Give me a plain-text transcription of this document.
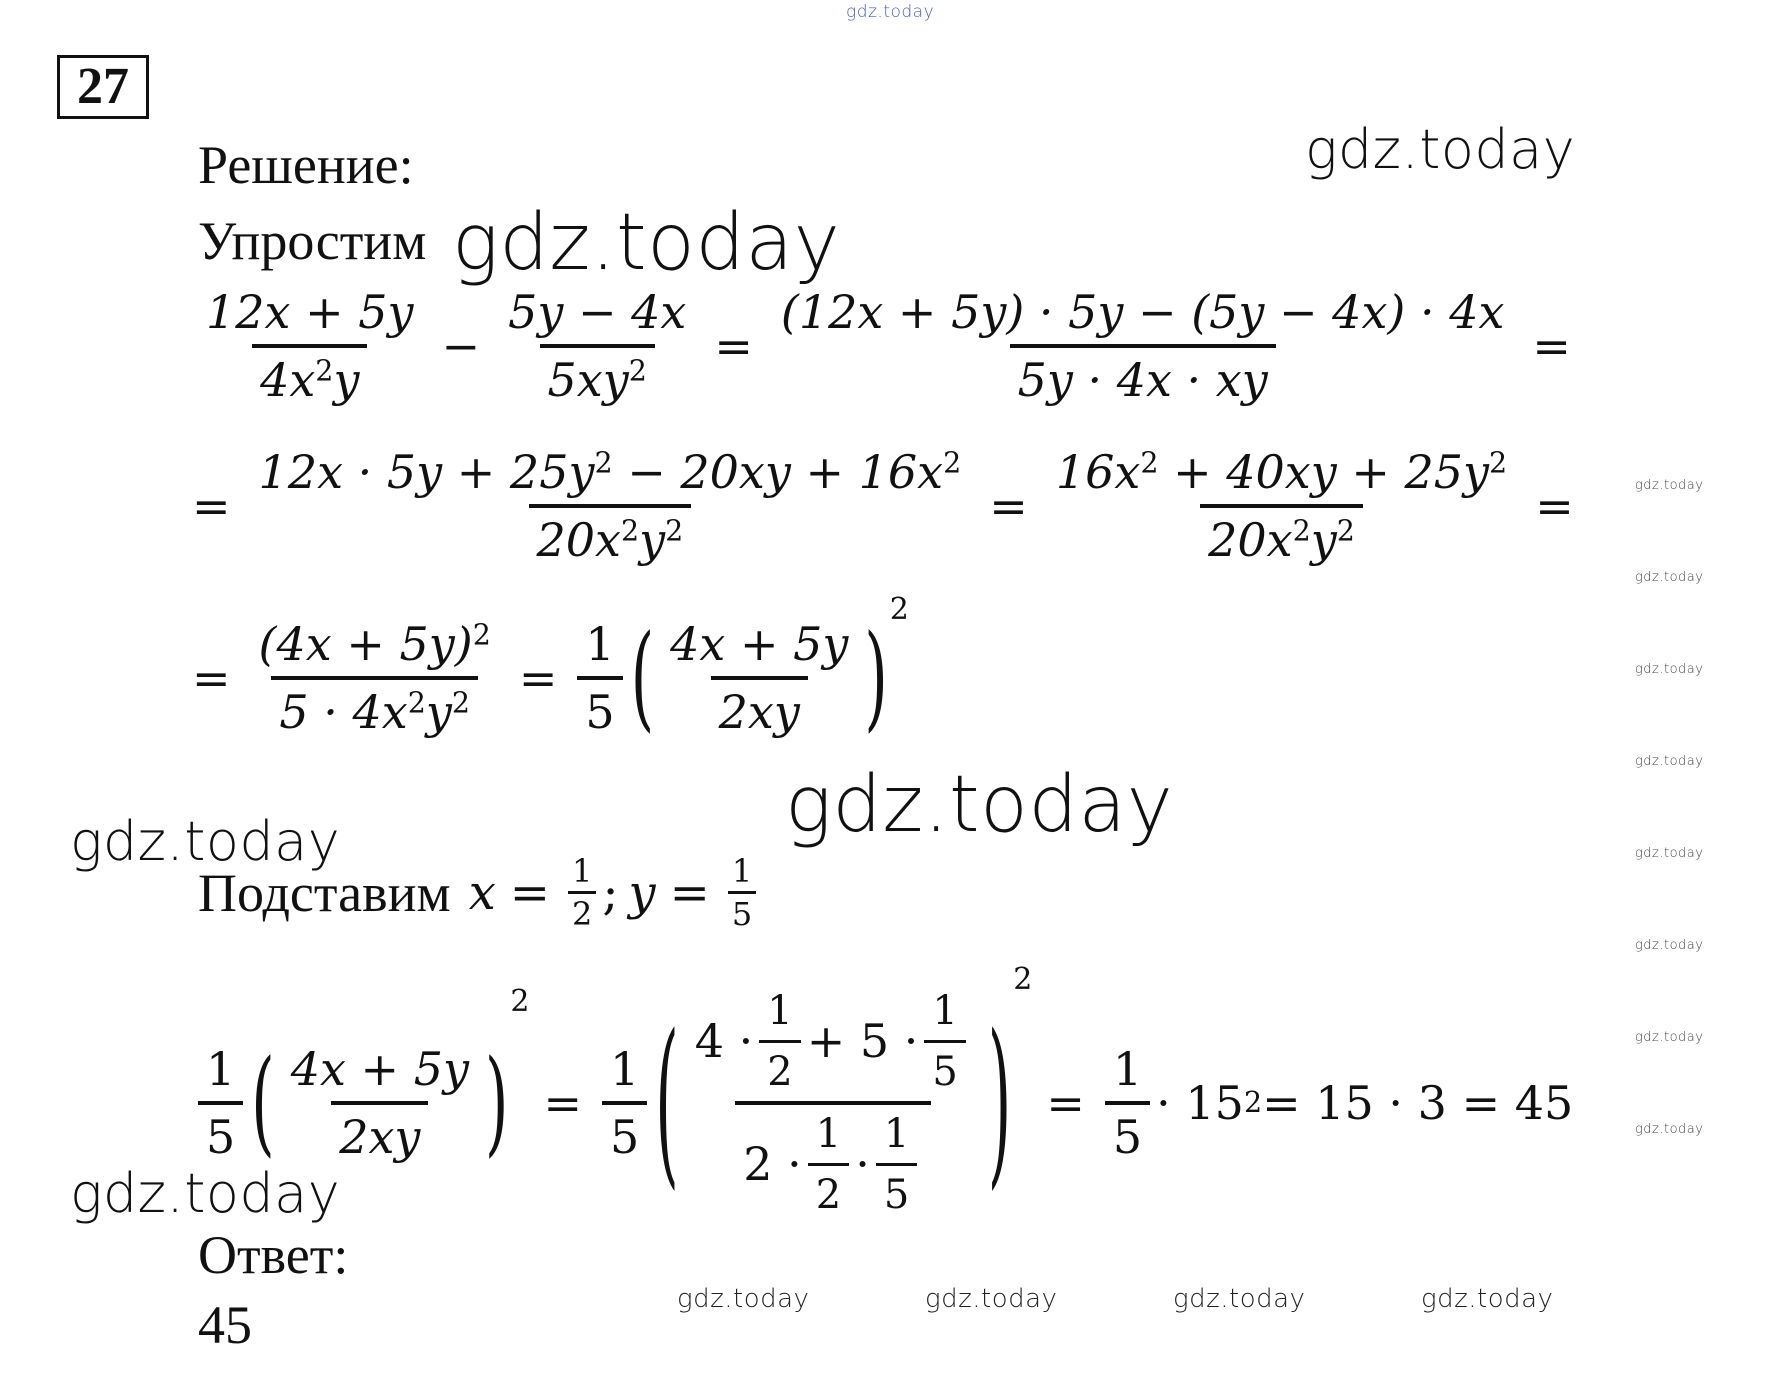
gdz.today
gdz.today
gdz.today
gdz.today
gdz.today
gdz.today
gdz.today	gdz.today	gdz.today	gdz.today
gdz.today
gdz.today
gdz.today
gdz.today
gdz.today
gdz.today
gdz.today
gdz.today
27
Решение:
Упростим
$\frac{12x + 5y}{4x^2y} - \frac{5y - 4x}{5xy^2} = \frac{(12x + 5y) \cdot 5y - (5y - 4x) \cdot 4x}{5y \cdot 4x \cdot xy}$ =
= $\frac{12x \cdot 5y + 25y^2 - 20xy + 16x^2}{20x^2y^2} = \frac{16x^2 + 40xy + 25y^2}{20x^2y^2}$ =
= $\frac{(4x + 5y)^2}{5 \cdot 4x^2y^2} = \frac{1}{5}$ ( $\frac{4x + 5y}{2xy}$ )
2
Подставим $x = \frac{1}{2}$ ; $y = \frac{1}{5}$
$\frac{1}{5}$ ( $\frac{4x + 5y}{2xy}$ )
2
= $\frac{1}{5}$ ( $\frac{4 \cdot \frac{1}{2} + 5 \cdot \frac{1}{5}}{2 \cdot \frac{1}{2} \cdot \frac{1}{5}}$ )
2
= $\frac{1}{5} \cdot 15$ 2 = 15 · 3 = 45
Ответ:
45
